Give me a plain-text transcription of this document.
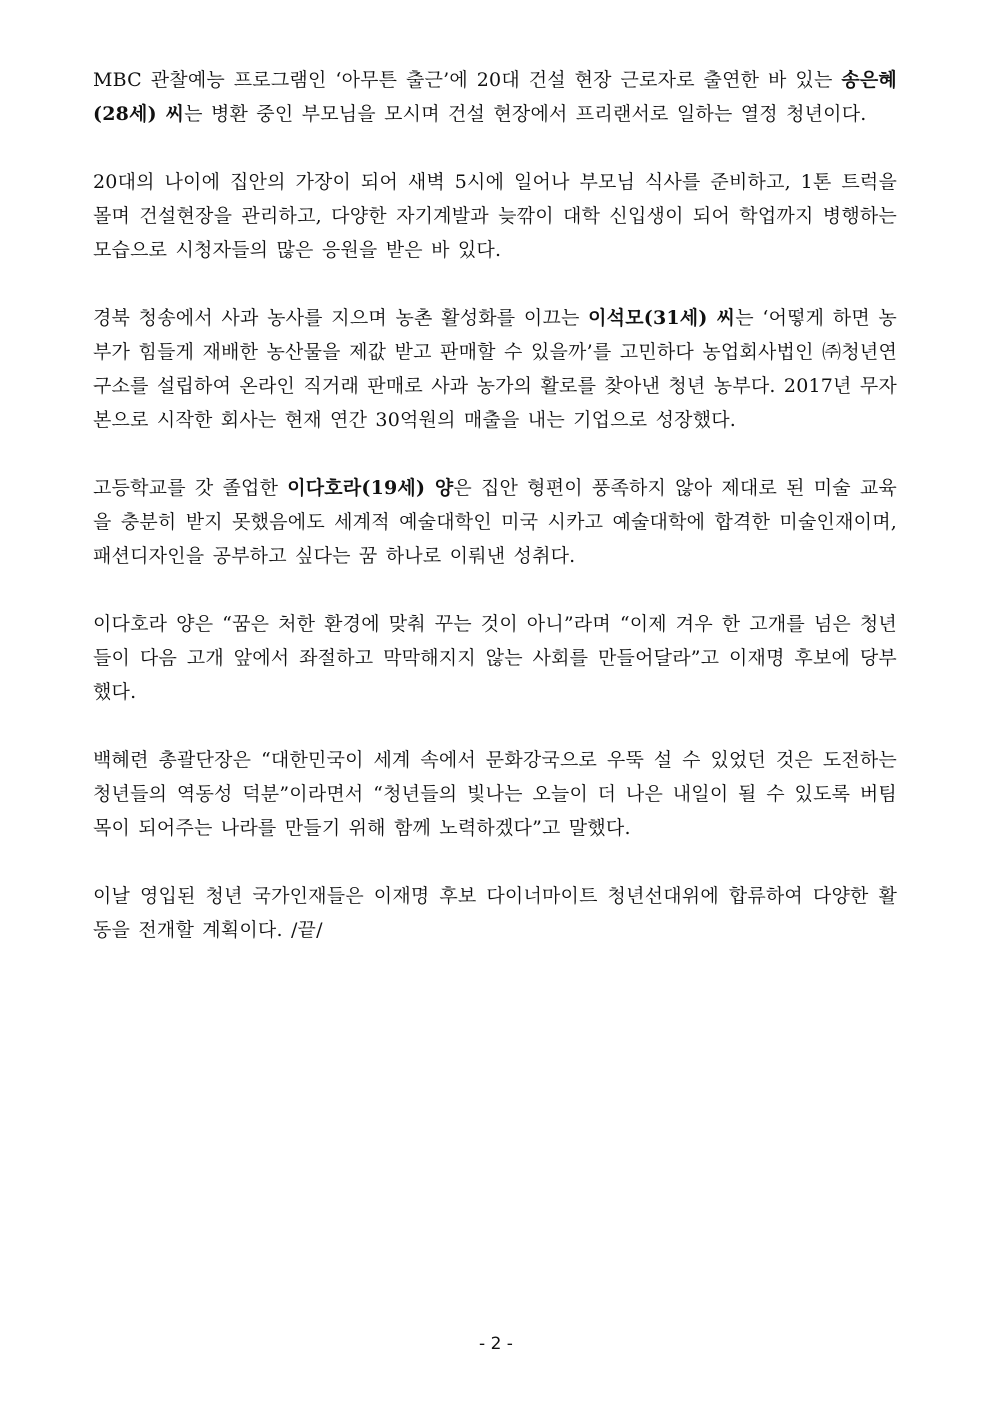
MBC 관찰예능 프로그램인 ‘아무튼 출근’에 20대 건설 현장 근로자로 출연한 바 있는 송은혜(28세) 씨는 병환 중인 부모님을 모시며 건설 현장에서 프리랜서로 일하는 열정 청년이다.

20대의 나이에 집안의 가장이 되어 새벽 5시에 일어나 부모님 식사를 준비하고, 1톤 트럭을 몰며 건설현장을 관리하고, 다양한 자기계발과 늦깎이 대학 신입생이 되어 학업까지 병행하는 모습으로 시청자들의 많은 응원을 받은 바 있다.

경북 청송에서 사과 농사를 지으며 농촌 활성화를 이끄는 이석모(31세) 씨는 ‘어떻게 하면 농부가 힘들게 재배한 농산물을 제값 받고 판매할 수 있을까’를 고민하다 농업회사법인 ㈜청년연구소를 설립하여 온라인 직거래 판매로 사과 농가의 활로를 찾아낸 청년 농부다. 2017년 무자본으로 시작한 회사는 현재 연간 30억원의 매출을 내는 기업으로 성장했다.

고등학교를 갓 졸업한 이다호라(19세) 양은 집안 형편이 풍족하지 않아 제대로 된 미술 교육을 충분히 받지 못했음에도 세계적 예술대학인 미국 시카고 예술대학에 합격한 미술인재이며, 패션디자인을 공부하고 싶다는 꿈 하나로 이뤄낸 성취다.

이다호라 양은 “꿈은 처한 환경에 맞춰 꾸는 것이 아니”라며 “이제 겨우 한 고개를 넘은 청년들이 다음 고개 앞에서 좌절하고 막막해지지 않는 사회를 만들어달라”고 이재명 후보에 당부했다.

백혜련 총괄단장은 “대한민국이 세계 속에서 문화강국으로 우뚝 설 수 있었던 것은 도전하는 청년들의 역동성 덕분”이라면서 “청년들의 빛나는 오늘이 더 나은 내일이 될 수 있도록 버팀목이 되어주는 나라를 만들기 위해 함께 노력하겠다”고 말했다.

이날 영입된 청년 국가인재들은 이재명 후보 다이너마이트 청년선대위에 합류하여 다양한 활동을 전개할 계획이다. /끝/

- 2 -
